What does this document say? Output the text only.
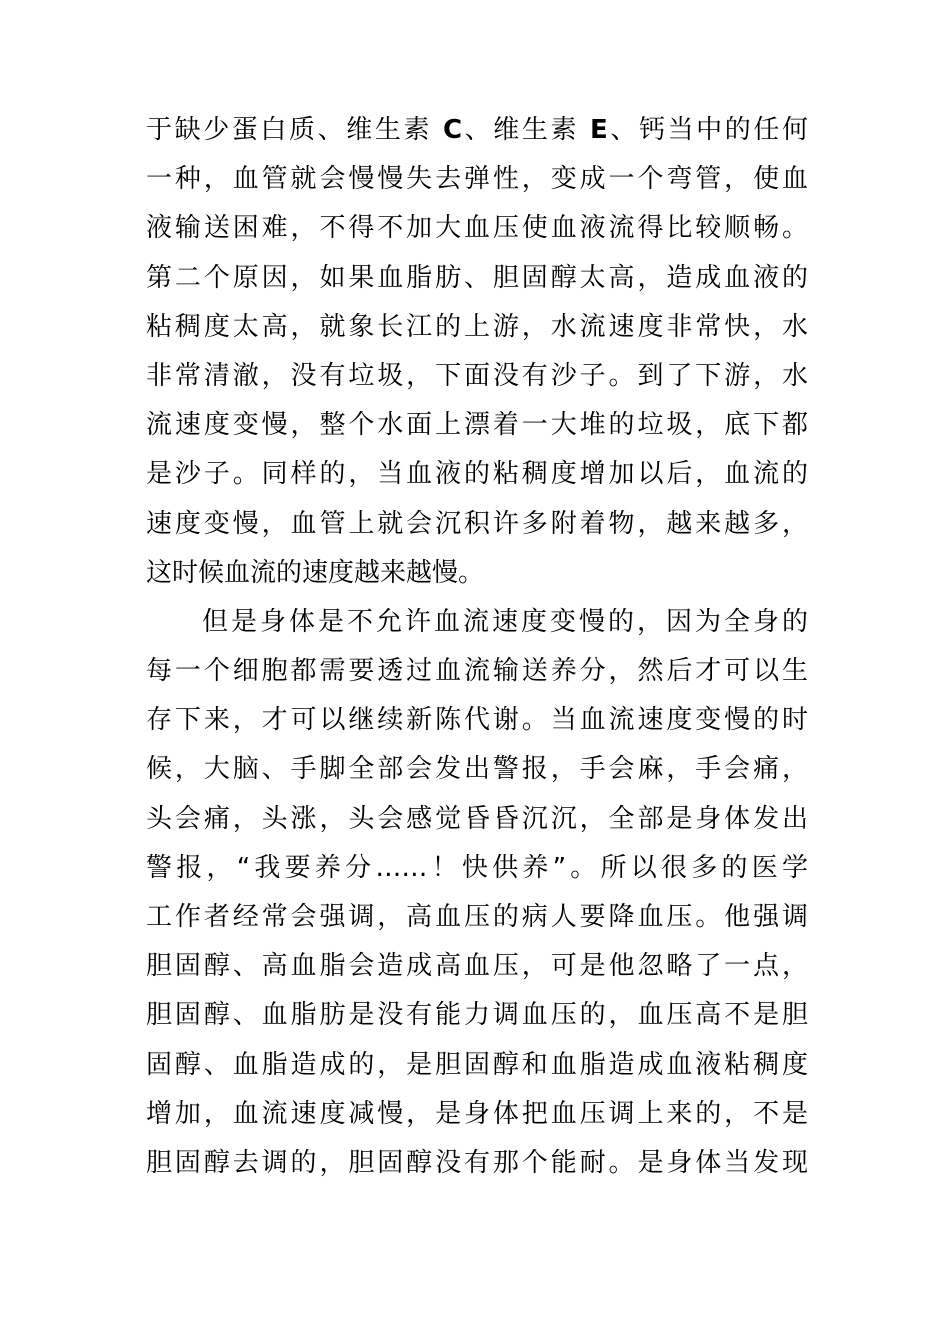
于缺少蛋白质、维生素 C、维生素 E、钙当中的任何
一种，血管就会慢慢失去弹性，变成一个弯管，使血
液输送困难，不得不加大血压使血液流得比较顺畅。
第二个原因，如果血脂肪、胆固醇太高，造成血液的
粘稠度太高，就象长江的上游，水流速度非常快，水
非常清澈，没有垃圾，下面没有沙子。到了下游，水
流速度变慢，整个水面上漂着一大堆的垃圾，底下都
是沙子。同样的，当血液的粘稠度增加以后，血流的
速度变慢，血管上就会沉积许多附着物，越来越多，
这时候血流的速度越来越慢。
但是身体是不允许血流速度变慢的，因为全身的
每一个细胞都需要透过血流输送养分，然后才可以生
存下来，才可以继续新陈代谢。当血流速度变慢的时
候，大脑、手脚全部会发出警报，手会麻，手会痛，
头会痛，头涨，头会感觉昏昏沉沉，全部是身体发出
警报，“我要养分……！快供养”。所以很多的医学
工作者经常会强调，高血压的病人要降血压。他强调
胆固醇、高血脂会造成高血压，可是他忽略了一点，
胆固醇、血脂肪是没有能力调血压的，血压高不是胆
固醇、血脂造成的，是胆固醇和血脂造成血液粘稠度
增加，血流速度减慢，是身体把血压调上来的，不是
胆固醇去调的，胆固醇没有那个能耐。是身体当发现
